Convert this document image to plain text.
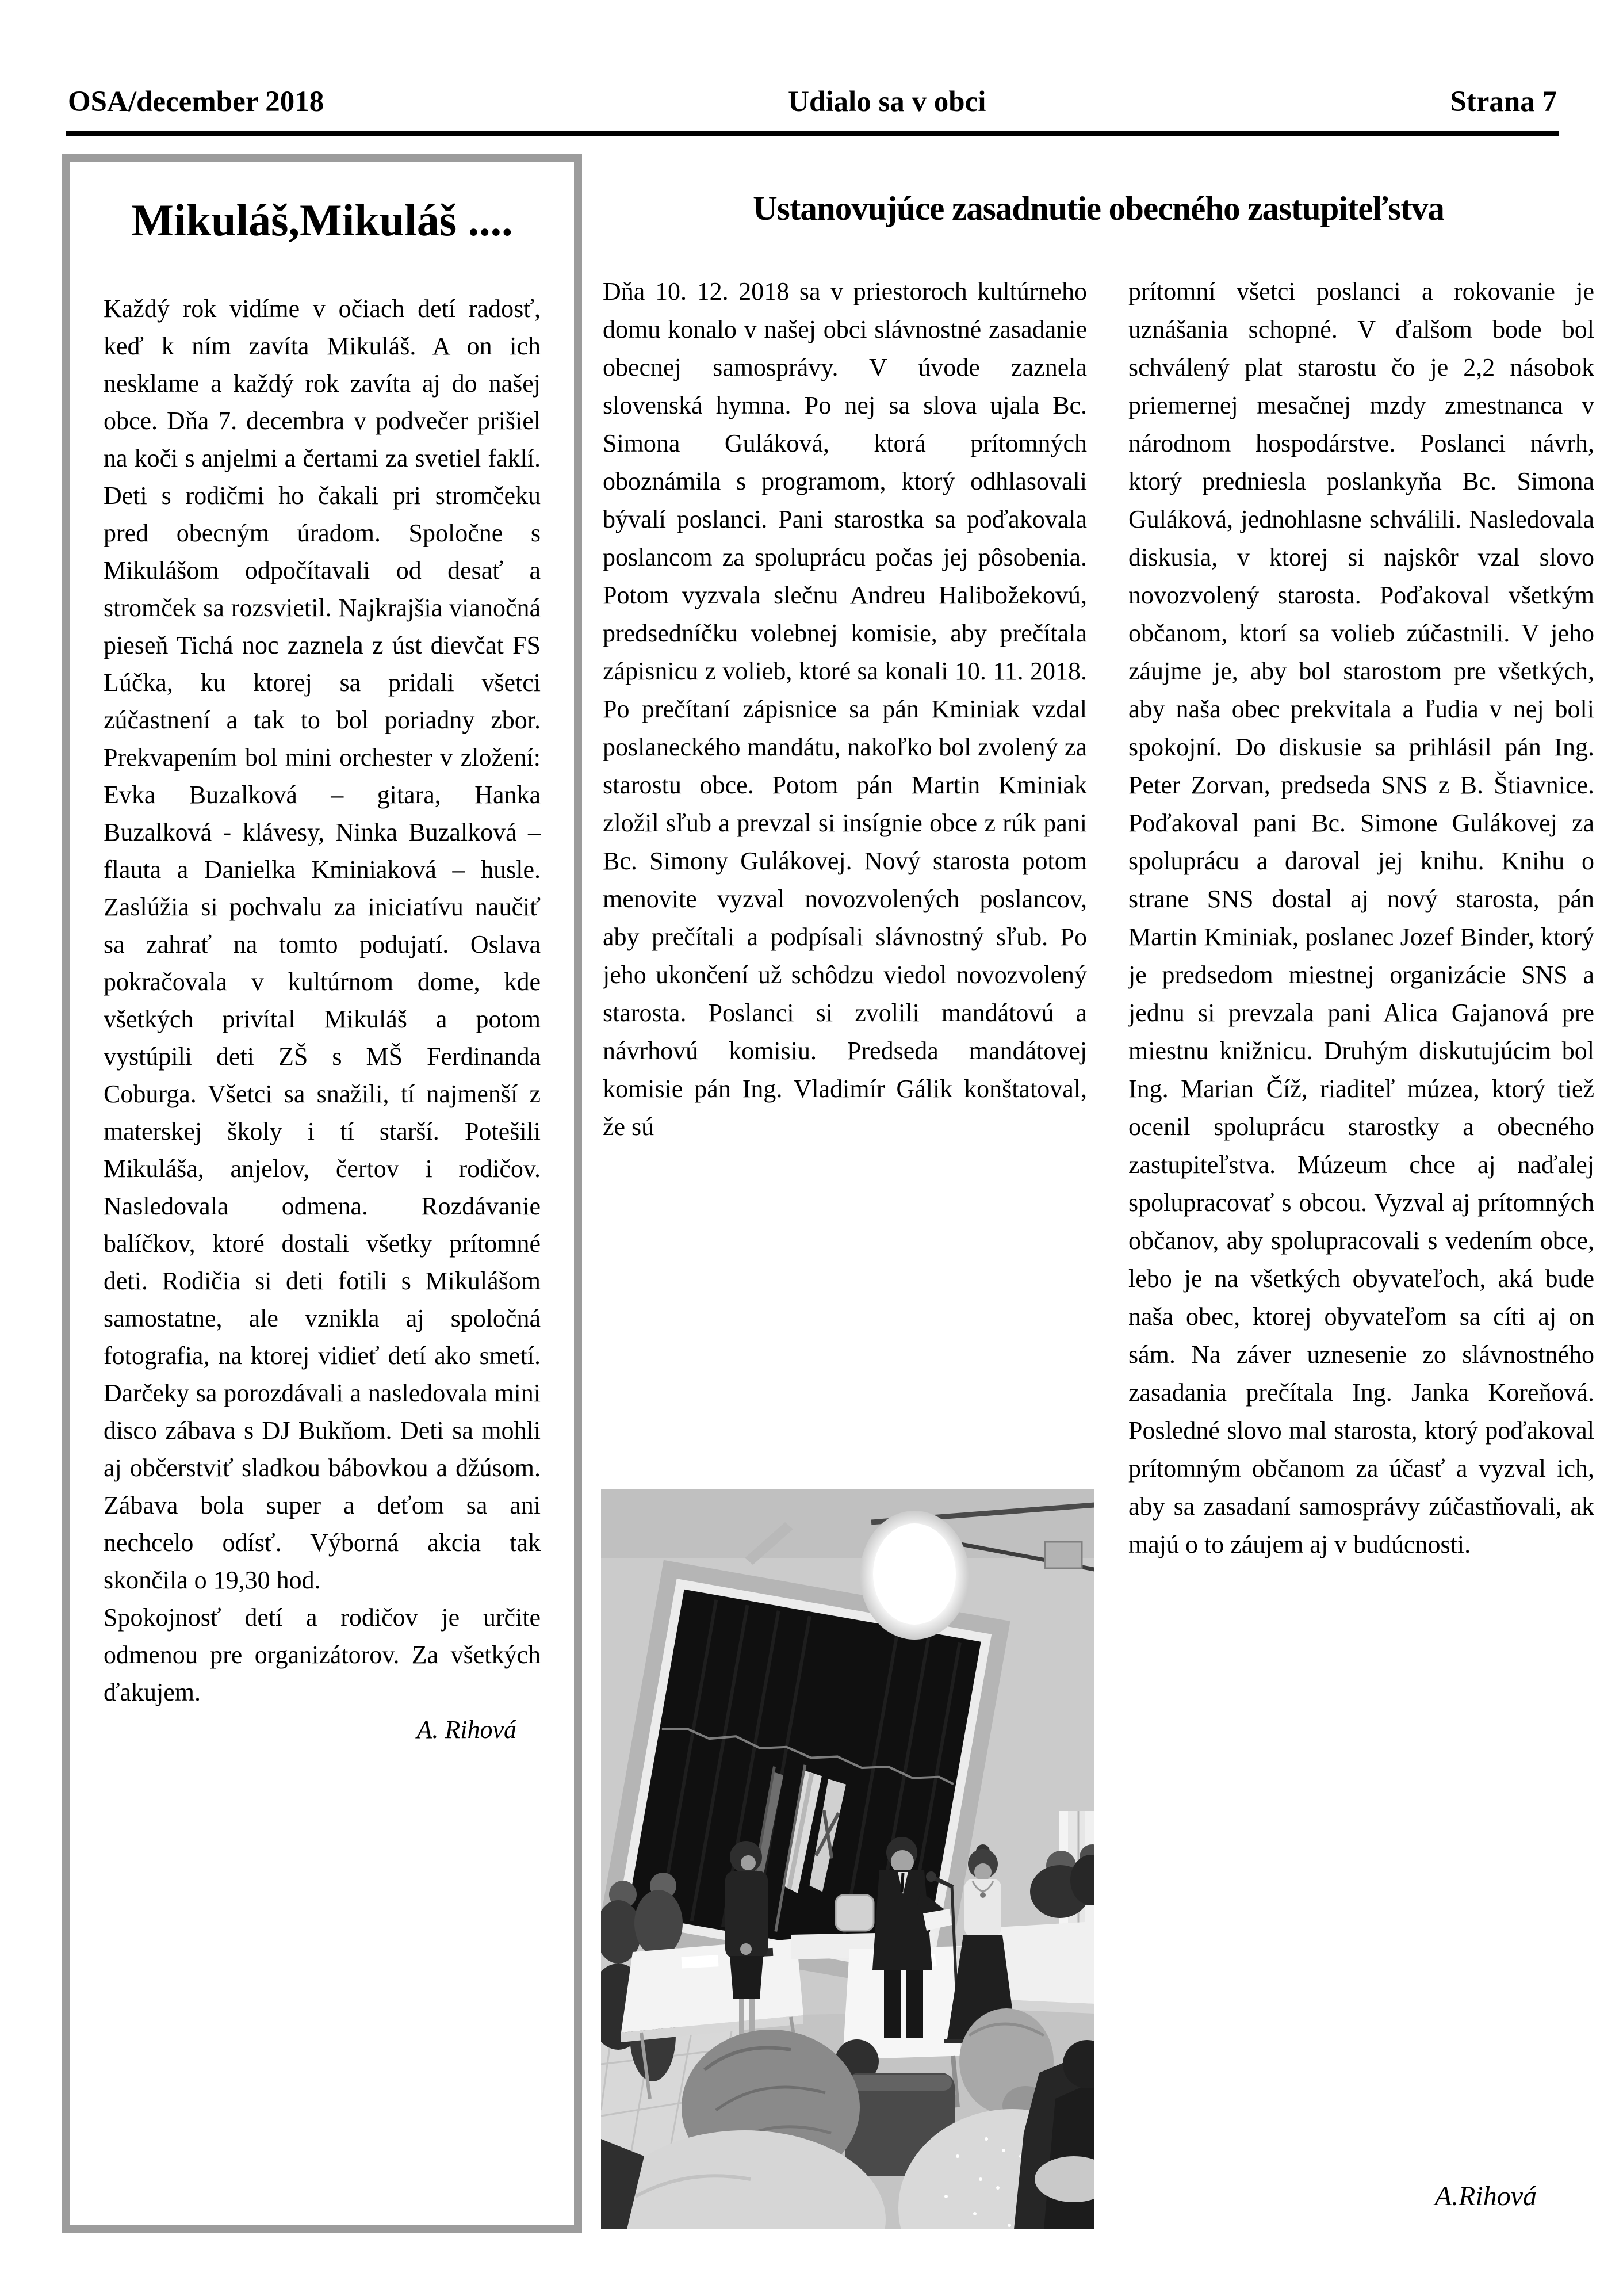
OSA/december 2018	Udialo sa v obci	Strana 7
Mikuláš,Mikuláš ....

Každý rok vidíme v očiach detí radosť, keď k ním zavíta Mikuláš. A on ich nesklame a každý rok zavíta aj do našej obce. Dňa 7. decembra v podvečer prišiel na koči s anjelmi a čertami za svetiel faklí. Deti s rodičmi ho čakali pri stromčeku pred obecným úradom. Spoločne s Mikulášom odpočítavali od desať a stromček sa rozsvietil. Najkrajšia vianočná pieseň Tichá noc zaznela z úst dievčat FS Lúčka, ku ktorej sa pridali všetci zúčastnení a tak to bol poriadny zbor. Prekvapením bol mini orchester v zložení: Evka Buzalková – gitara, Hanka Buzalková - klávesy, Ninka Buzalková – flauta a Danielka Kminiaková – husle. Zaslúžia si pochvalu za iniciatívu naučiť sa zahrať na tomto podujatí. Oslava pokračovala v kultúrnom dome, kde všetkých privítal Mikuláš a potom vystúpili deti ZŠ s MŠ Ferdinanda Coburga. Všetci sa snažili, tí najmenší z materskej školy i tí starší. Potešili Mikuláša, anjelov, čertov i rodičov. Nasledovala odmena. Rozdávanie balíčkov, ktoré dostali všetky prítomné deti. Rodičia si deti fotili s Mikulášom samostatne, ale vznikla aj spoločná fotografia, na ktorej vidieť detí ako smetí. Darčeky sa porozdávali a nasledovala mini disco zábava s DJ Bukňom. Deti sa mohli aj občerstviť sladkou bábovkou a džúsom. Zábava bola super a deťom sa ani nechcelo odísť. Výborná akcia tak skončila o 19,30 hod.

Spokojnosť detí a rodičov je určite odmenou pre organizátorov. Za všetkých ďakujem.

A. Rihová

Ustanovujúce zasadnutie obecného zastupiteľstva
Dňa 10. 12. 2018 sa v priestoroch kultúrneho domu konalo v našej obci slávnostné zasadanie obecnej samosprávy. V úvode zaznela slovenská hymna. Po nej sa slova ujala Bc. Simona Guláková, ktorá prítomných oboznámila s programom, ktorý odhlasovali bývalí poslanci. Pani starostka sa poďakovala poslancom za spoluprácu počas jej pôsobenia. Potom vyzvala slečnu Andreu Halibožekovú, predsedníčku volebnej komisie, aby prečítala zápisnicu z volieb, ktoré sa konali 10. 11. 2018. Po prečítaní zápisnice sa pán Kminiak vzdal poslaneckého mandátu, nakoľko bol zvolený za starostu obce. Potom pán Martin Kminiak zložil sľub a prevzal si insígnie obce z rúk pani Bc. Simony Gulákovej. Nový starosta potom menovite vyzval novozvolených poslancov, aby prečítali a podpísali slávnostný sľub. Po jeho ukončení už schôdzu viedol novozvolený starosta. Poslanci si zvolili mandátovú a návrhovú komisiu. Predseda mandátovej komisie pán Ing. Vladimír Gálik konštatoval, že sú
prítomní všetci poslanci a rokovanie je uznášania schopné. V ďalšom bode bol schválený plat starostu čo je 2,2 násobok priemernej mesačnej mzdy zmestnanca v národnom hospodárstve. Poslanci návrh, ktorý predniesla poslankyňa Bc. Simona Guláková, jednohlasne schválili. Nasledovala diskusia, v ktorej si najskôr vzal slovo novozvolený starosta. Poďakoval všetkým občanom, ktorí sa volieb zúčastnili. V jeho záujme je, aby bol starostom pre všetkých, aby naša obec prekvitala a ľudia v nej boli spokojní. Do diskusie sa prihlásil pán Ing. Peter Zorvan, predseda SNS z B. Štiavnice. Poďakoval pani Bc. Simone Gulákovej za spoluprácu a daroval jej knihu. Knihu o strane SNS dostal aj nový starosta, pán Martin Kminiak, poslanec Jozef Binder, ktorý je predsedom miestnej organizácie SNS a jednu si prevzala pani Alica Gajanová pre miestnu knižnicu. Druhým diskutujúcim bol Ing. Marian Číž, riaditeľ múzea, ktorý tiež ocenil spoluprácu starostky a obecného zastupiteľstva. Múzeum chce aj naďalej spolupracovať s obcou. Vyzval aj prítomných občanov, aby spolupracovali s vedením obce, lebo je na všetkých obyvateľoch, aká bude naša obec, ktorej obyvateľom sa cíti aj on sám. Na záver uznesenie zo slávnostného zasadania prečítala Ing. Janka Koreňová. Posledné slovo mal starosta, ktorý poďakoval prítomným občanom za účasť a vyzval ich, aby sa zasadaní samosprávy zúčastňovali, ak majú o to záujem aj v budúcnosti.

A.Rihová
